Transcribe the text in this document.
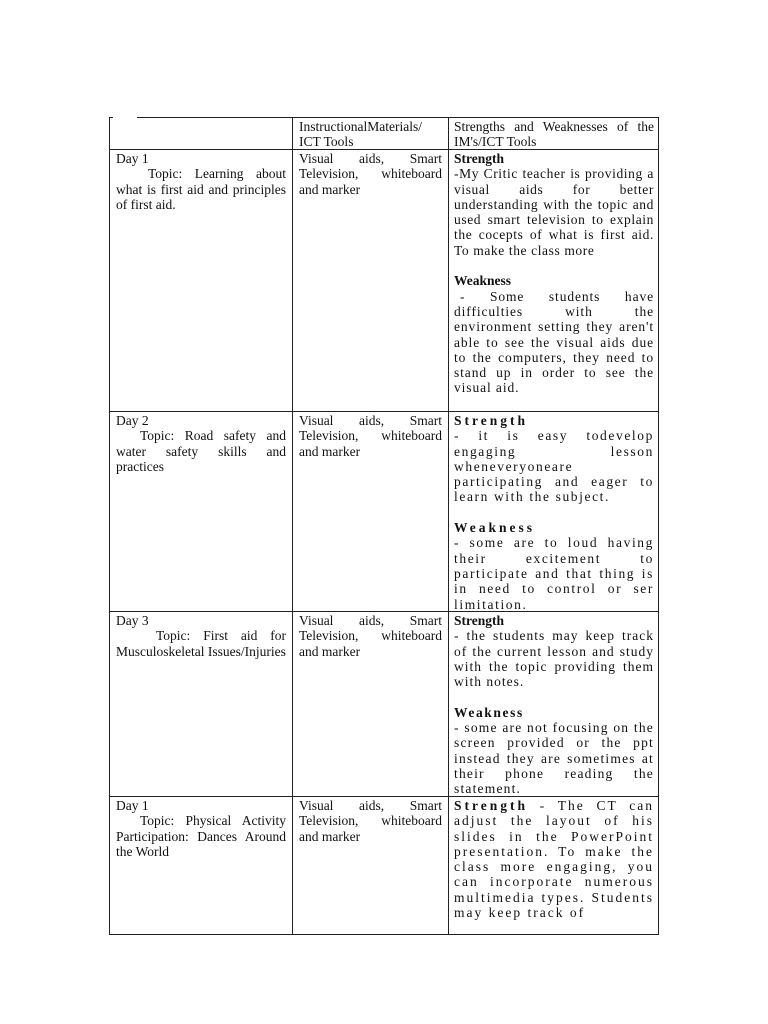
InstructionalMaterials/ ICT Tools
Strengths and Weaknesses of the IM's/ICT Tools
Day 1
Topic: Learning about what is first aid and principles of first aid.
Visual aids, Smart Television, whiteboard and marker
Strength
-My Critic teacher is providing a visual aids for better understanding with the topic and used smart television to explain the cocepts of what is first aid. To make the class more
Weakness
- Some students have difficulties with the environment setting they aren't able to see the visual aids due to the computers, they need to stand up in order to see the visual aid.
Day 2
Topic: Road safety and water safety skills and practices
Visual aids, Smart Television, whiteboard and marker
Strength
- it is easy todevelop engaging lesson wheneveryoneare participating and eager to learn with the subject.
Weakness
- some are to loud having their excitement to participate and that thing is in need to control or ser limitation.
Day 3
Topic: First aid for Musculoskeletal Issues/Injuries
Visual aids, Smart Television, whiteboard and marker
Strength
- the students may keep track of the current lesson and study with the topic providing them with notes.
Weakness
- some are not focusing on the screen provided or the ppt instead they are sometimes at their phone reading the statement.
Day 1
Topic: Physical Activity Participation: Dances Around the World
Visual aids, Smart Television, whiteboard and marker
Strength - The CT can adjust the layout of his slides in the PowerPoint presentation. To make the class more engaging, you can incorporate numerous multimedia types. Students may keep track of
